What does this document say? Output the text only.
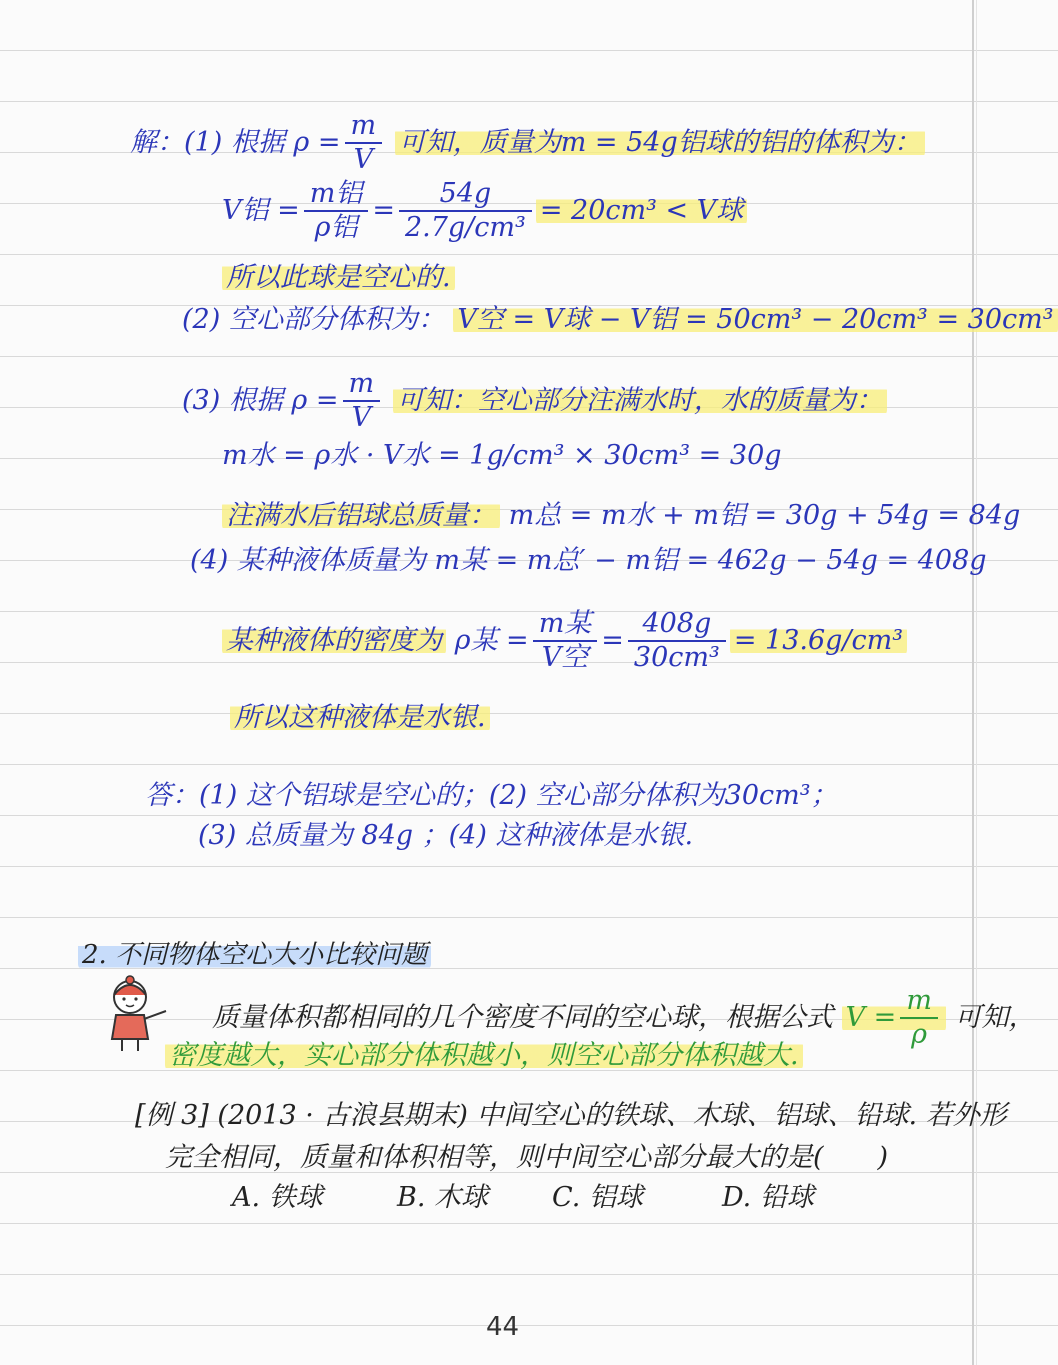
解：(1) 根据 $\rho = \frac{m}{V}$ 可知，质量为m = 54g铝球的铝的体积为：
V铝 = $\frac{\text{m铝}}{\text{ρ铝}} = \frac{54g}{\text{2.7g/cm³}} = 20cm^3 < V$球
所以此球是空心的.
(2) 空心部分体积为： V空 = V球 − V铝 = 50cm³ − 20cm³ = 30cm³
(3) 根据 $\rho = \frac{m}{V}$ 可知：空心部分注满水时，水的质量为：
m水 = ρ水 · V水 = 1g/cm³ × 30cm³ = 30g
注满水后铝球总质量： m总 = m水 + m铝 = 30g + 54g = 84g
(4) 某种液体质量为 m某 = m总′ − m铝 = 462g − 54g = 408g
某种液体的密度为 ρ某 = $\frac{\text{m某}}{\text{V空}} = \frac{408g}{\text{30cm³}} = 13.6g/cm^3$
所以这种液体是水银.
答：(1) 这个铝球是空心的；(2) 空心部分体积为30cm³；
(3) 总质量为 84g ；(4) 这种液体是水银.
2. 不同物体空心大小比较问题
质量体积都相同的几个密度不同的空心球，根据公式 $V = \frac{m}{\rho}$ 可知，
密度越大，实心部分体积越小，则空心部分体积越大.
[例 3] (2013 · 古浪县期末) 中间空心的铁球、木球、铝球、铅球. 若外形
完全相同，质量和体积相等，则中间空心部分最大的是(　　)
A. 铁球	B. 木球 C. 铝球	D. 铅球
44
